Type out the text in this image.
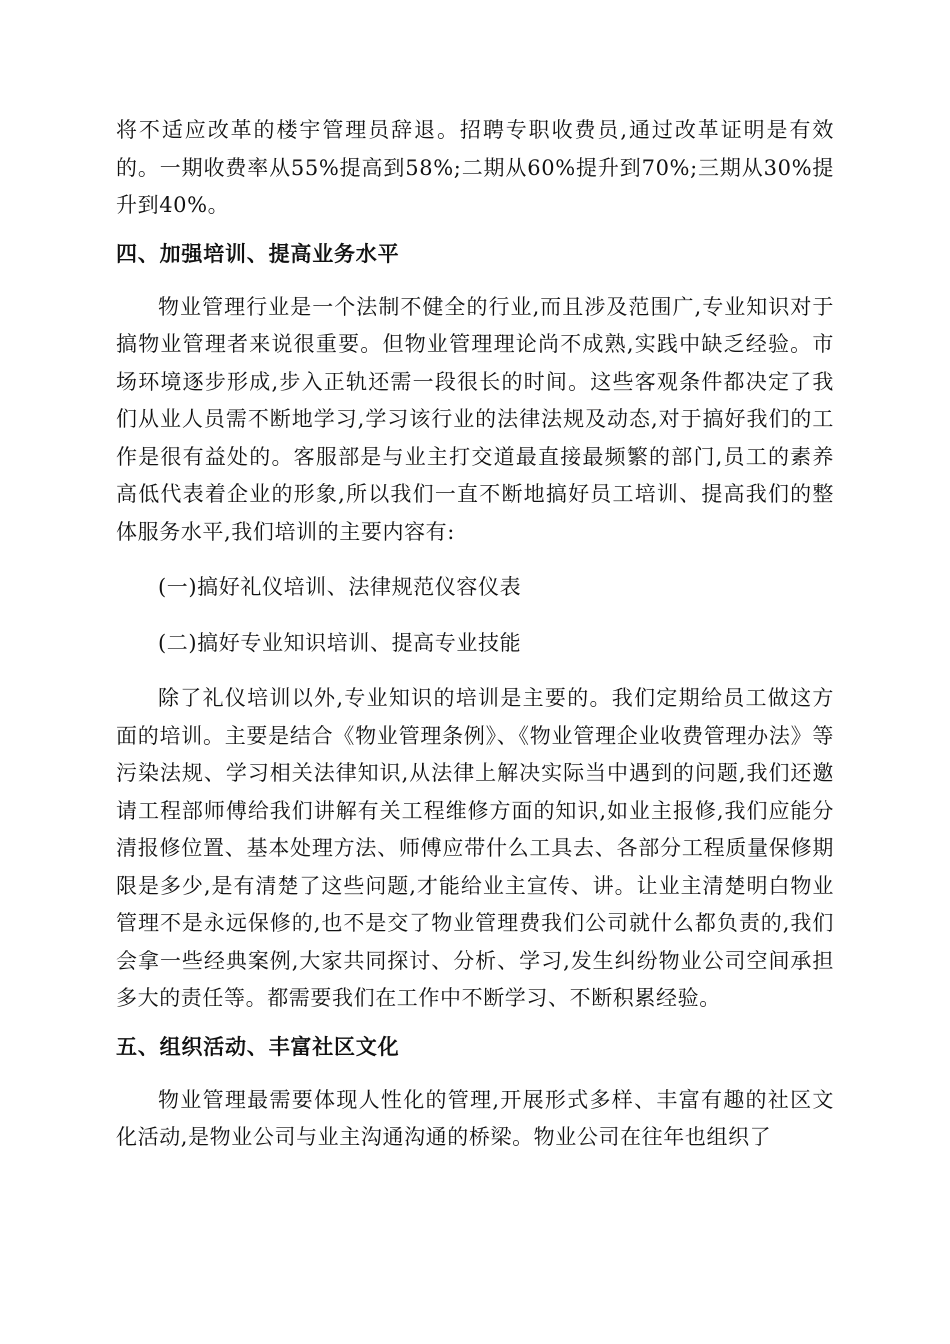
将不适应改革的楼宇管理员辞退。招聘专职收费员,通过改革证明是有效的。一期收费率从55%提高到58%;二期从60%提升到70%;三期从30%提升到40%。

四、加强培训、提高业务水平

物业管理行业是一个法制不健全的行业,而且涉及范围广,专业知识对于搞物业管理者来说很重要。但物业管理理论尚不成熟,实践中缺乏经验。市场环境逐步形成,步入正轨还需一段很长的时间。这些客观条件都决定了我们从业人员需不断地学习,学习该行业的法律法规及动态,对于搞好我们的工作是很有益处的。客服部是与业主打交道最直接最频繁的部门,员工的素养高低代表着企业的形象,所以我们一直不断地搞好员工培训、提高我们的整体服务水平,我们培训的主要内容有:

(一)搞好礼仪培训、法律规范仪容仪表

(二)搞好专业知识培训、提高专业技能

除了礼仪培训以外,专业知识的培训是主要的。我们定期给员工做这方面的培训。主要是结合《物业管理条例》、《物业管理企业收费管理办法》等污染法规、学习相关法律知识,从法律上解决实际当中遇到的问题,我们还邀请工程部师傅给我们讲解有关工程维修方面的知识,如业主报修,我们应能分清报修位置、基本处理方法、师傅应带什么工具去、各部分工程质量保修期限是多少,是有清楚了这些问题,才能给业主宣传、讲。让业主清楚明白物业管理不是永远保修的,也不是交了物业管理费我们公司就什么都负责的,我们会拿一些经典案例,大家共同探讨、分析、学习,发生纠纷物业公司空间承担多大的责任等。都需要我们在工作中不断学习、不断积累经验。

五、组织活动、丰富社区文化

物业管理最需要体现人性化的管理,开展形式多样、丰富有趣的社区文化活动,是物业公司与业主沟通沟通的桥梁。物业公司在往年也组织了
